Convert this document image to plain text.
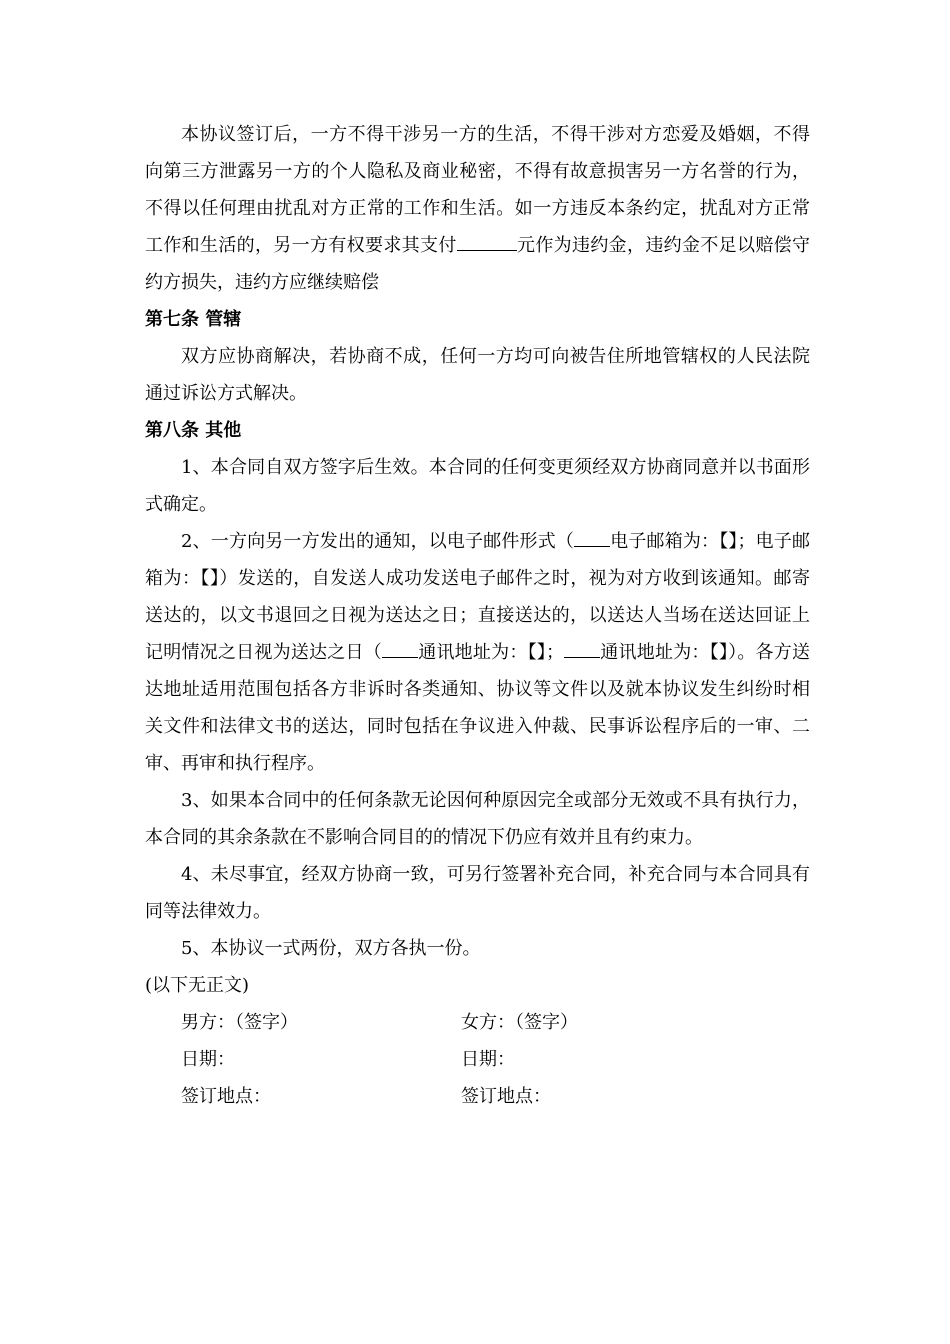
本协议签订后，一方不得干涉另一方的生活，不得干涉对方恋爱及婚姻，不得向第三方泄露另一方的个人隐私及商业秘密，不得有故意损害另一方名誉的行为，不得以任何理由扰乱对方正常的工作和生活。如一方违反本条约定，扰乱对方正常工作和生活的，另一方有权要求其支付	元作为违约金，违约金不足以赔偿守约方损失，违约方应继续赔偿

第七条 管辖

双方应协商解决，若协商不成，任何一方均可向被告住所地管辖权的人民法院通过诉讼方式解决。

第八条 其他

1、本合同自双方签字后生效。本合同的任何变更须经双方协商同意并以书面形式确定。

2、一方向另一方发出的通知，以电子邮件形式（ 电子邮箱为：【】；电子邮箱为：【】）发送的，自发送人成功发送电子邮件之时，视为对方收到该通知。邮寄送达的，以文书退回之日视为送达之日；直接送达的，以送达人当场在送达回证上记明情况之日视为送达之日（ 通讯地址为：【】； 通讯地址为：【】）。各方送达地址适用范围包括各方非诉时各类通知、协议等文件以及就本协议发生纠纷时相关文件和法律文书的送达，同时包括在争议进入仲裁、民事诉讼程序后的一审、二审、再审和执行程序。

3、如果本合同中的任何条款无论因何种原因完全或部分无效或不具有执行力，本合同的其余条款在不影响合同目的的情况下仍应有效并且有约束力。

4、未尽事宜，经双方协商一致，可另行签署补充合同，补充合同与本合同具有同等法律效力。

5、本协议一式两份，双方各执一份。

(以下无正文)

男方：（签字）	女方：（签字）
日期：	日期：
签订地点：	签订地点：
